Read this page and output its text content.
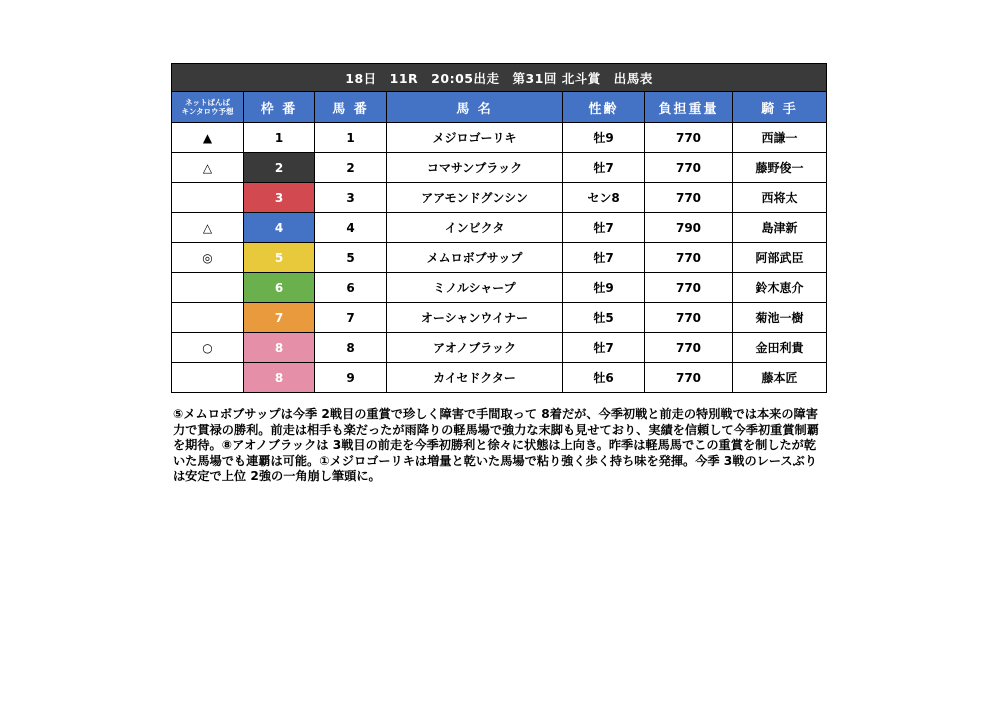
18日　11R　20:05出走　第31回 北斗賞　出馬表						
ネットぱんば
キンタロウ予想	枠 番	馬 番	馬 名	性齢	負担重量	騎 手
▲	1	1	メジロゴーリキ	牡9	770	西謙一
△	2	2	コマサンブラック	牡7	770	藤野俊一
	3	3	アアモンドグンシン	セン8	770	西将太
△	4	4	インビクタ	牡7	790	島津新
◎	5	5	メムロボブサップ	牡7	770	阿部武臣
	6	6	ミノルシャープ	牡9	770	鈴木恵介
	7	7	オーシャンウイナー	牡5	770	菊池一樹
○	8	8	アオノブラック	牡7	770	金田利貴
	8	9	カイセドクター	牡6	770	藤本匠

⑤メムロボブサップは今季 2戦目の重賞で珍しく障害で手間取って 8着だが、今季初戦と前走の特別戦では本来の障害力で貫禄の勝利。前走は相手も楽だったが雨降りの軽馬場で強力な末脚も見せており、実績を信頼して今季初重賞制覇を期待。⑧アオノブラックは 3戦目の前走を今季初勝利と徐々に状態は上向き。昨季は軽馬馬でこの重賞を制したが乾いた馬場でも連覇は可能。①メジロゴーリキは増量と乾いた馬場で粘り強く歩く持ち味を発揮。今季 3戦のレースぶりは安定で上位 2強の一角崩し筆頭に。
